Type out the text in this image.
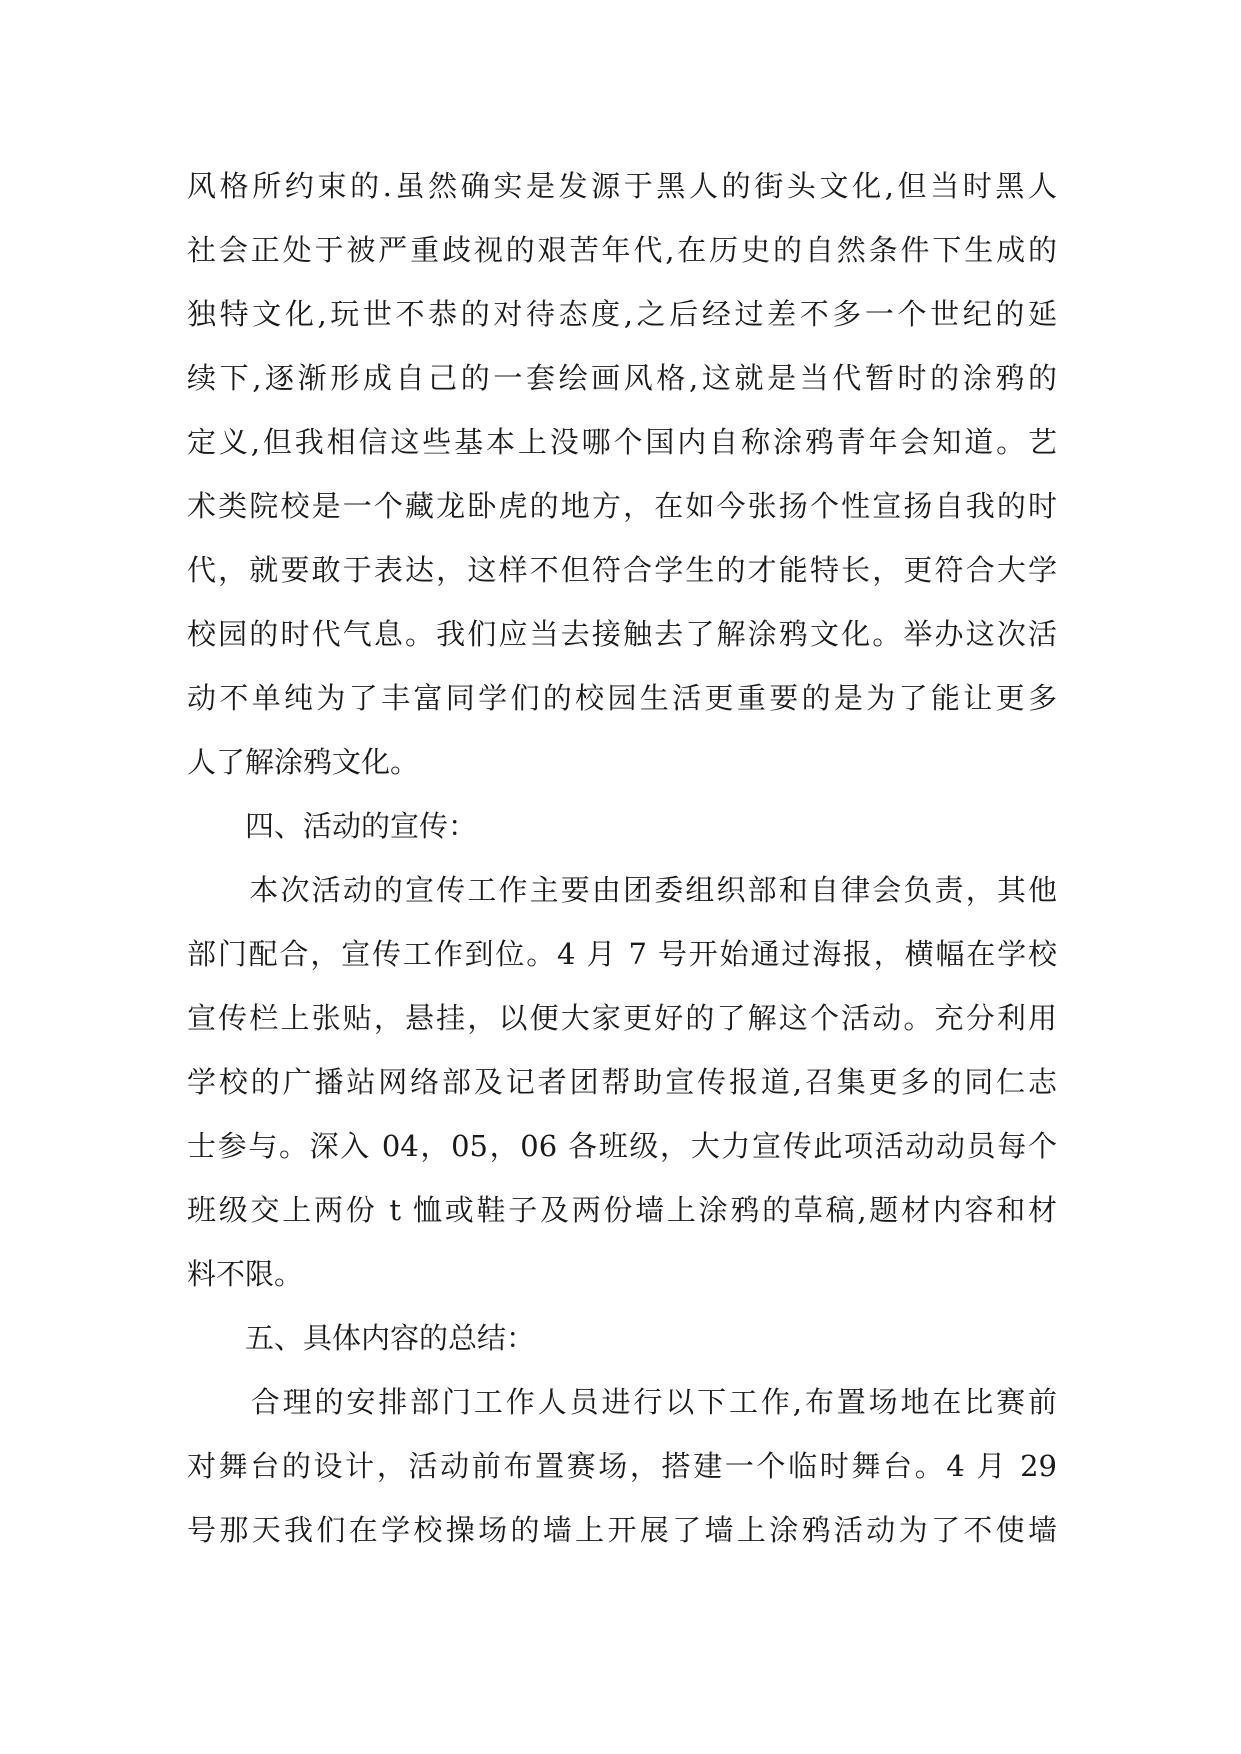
风格所约束的.虽然确实是发源于黑人的街头文化,但当时黑人
社会正处于被严重歧视的艰苦年代,在历史的自然条件下生成的
独特文化,玩世不恭的对待态度,之后经过差不多一个世纪的延
续下,逐渐形成自己的一套绘画风格,这就是当代暂时的涂鸦的
定义,但我相信这些基本上没哪个国内自称涂鸦青年会知道。艺
术类院校是一个藏龙卧虎的地方，在如今张扬个性宣扬自我的时
代，就要敢于表达，这样不但符合学生的才能特长，更符合大学
校园的时代气息。我们应当去接触去了解涂鸦文化。举办这次活
动不单纯为了丰富同学们的校园生活更重要的是为了能让更多
人了解涂鸦文化。
　　四、活动的宣传：
　　本次活动的宣传工作主要由团委组织部和自律会负责，其他
部门配合，宣传工作到位。4 月 7 号开始通过海报，横幅在学校
宣传栏上张贴，悬挂，以便大家更好的了解这个活动。充分利用
学校的广播站网络部及记者团帮助宣传报道,召集更多的同仁志
士参与。深入 04，05，06 各班级，大力宣传此项活动动员每个
班级交上两份 t 恤或鞋子及两份墙上涂鸦的草稿,题材内容和材
料不限。
　　五、具体内容的总结：
　　合理的安排部门工作人员进行以下工作,布置场地在比赛前
对舞台的设计，活动前布置赛场，搭建一个临时舞台。4 月 29
号那天我们在学校操场的墙上开展了墙上涂鸦活动为了不使墙
